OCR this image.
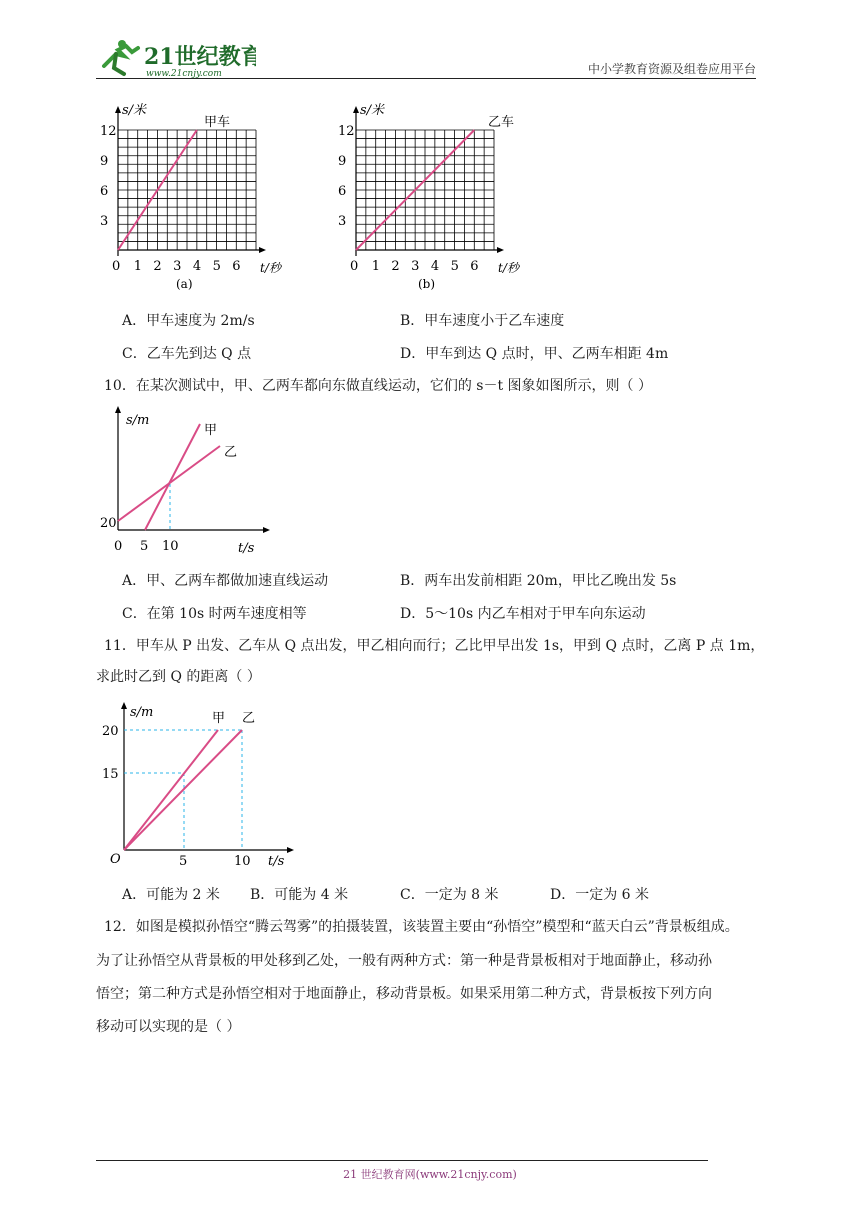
21世纪教育
www.21cnjy.com	中小学教育资源及组卷应用平台
s/米
甲车
12
9
6
3
0 1 2 3 4 5 6 t/秒
(a)
s/米
乙车
12
9
6
3
0 1 2 3 4 5 6 t/秒
(b)
A．甲车速度为 2m/s	B．甲车速度小于乙车速度
C．乙车先到达 Q 点	D．甲车到达 Q 点时，甲、乙两车相距 4m
10．在某次测试中，甲、乙两车都向东做直线运动，它们的 s－t 图象如图所示，则（ ）
s/m
甲
乙
20
0 5 10	t/s
A．甲、乙两车都做加速直线运动	B．两车出发前相距 20m，甲比乙晚出发 5s
C．在第 10s 时两车速度相等	D．5～10s 内乙车相对于甲车向东运动
11．甲车从 P 出发、乙车从 Q 点出发，甲乙相向而行；乙比甲早出发 1s，甲到 Q 点时，乙离 P 点 1m，
求此时乙到 Q 的距离（ ）
s/m	甲 乙
20
15
O	5	10 t/s
A．可能为 2 米 B．可能为 4 米	C．一定为 8 米	D．一定为 6 米
12．如图是模拟孙悟空“腾云驾雾”的拍摄装置，该装置主要由“孙悟空”模型和“蓝天白云”背景板组成。
为了让孙悟空从背景板的甲处移到乙处，一般有两种方式：第一种是背景板相对于地面静止，移动孙
悟空；第二种方式是孙悟空相对于地面静止，移动背景板。如果采用第二种方式，背景板按下列方向
移动可以实现的是（ ）
21 世纪教育网(www.21cnjy.com)
